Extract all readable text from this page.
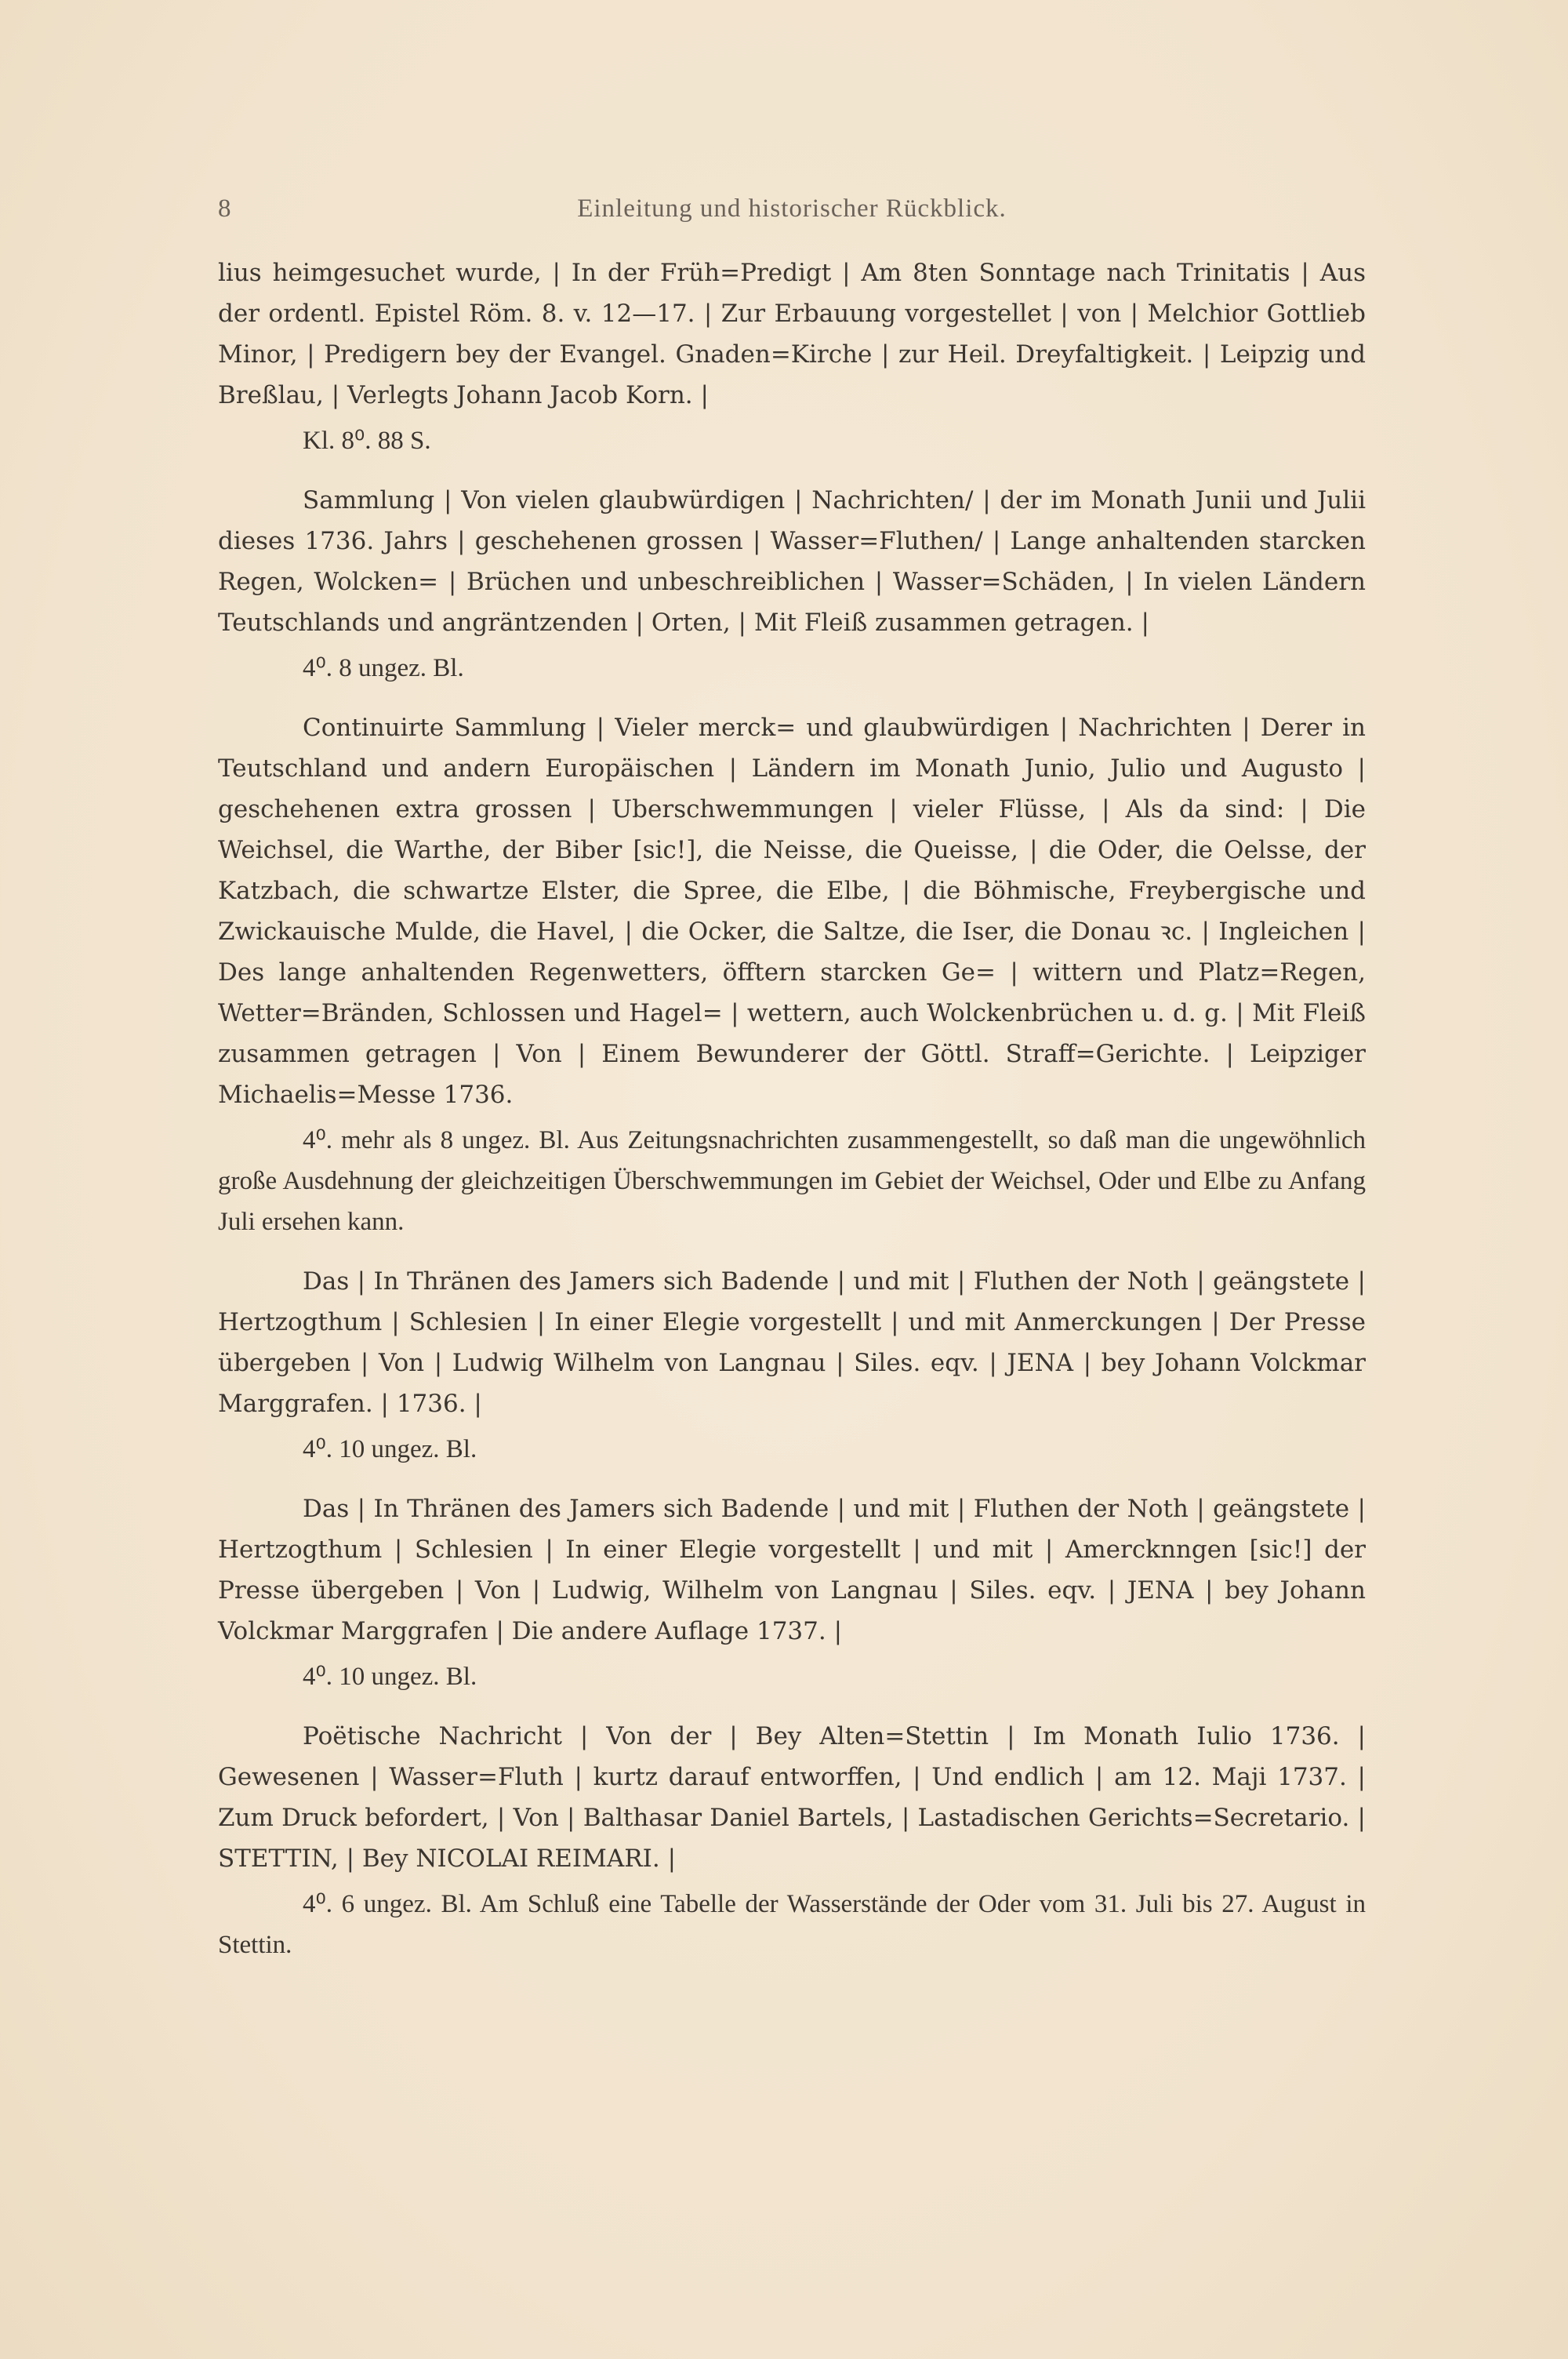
8	Einleitung und historischer Rückblick.

lius heimgesuchet wurde, | In der Früh=Predigt | Am 8ten Sonntage nach Trinitatis | Aus der ordentl. Epistel Röm. 8. v. 12—17. | Zur Erbauung vorgestellet | von | Melchior Gottlieb Minor, | Predigern bey der Evangel. Gnaden=Kirche | zur Heil. Dreyfaltigkeit. | Leipzig und Breßlau, | Verlegts Johann Jacob Korn. |

Kl. 8⁰. 88 S.

Sammlung | Von vielen glaubwürdigen | Nachrichten/ | der im Monath Junii und Julii dieses 1736. Jahrs | geschehenen grossen | Wasser=Fluthen/ | Lange anhaltenden starcken Regen, Wolcken= | Brüchen und unbeschreiblichen | Wasser=Schäden, | In vielen Ländern Teutschlands und angräntzenden | Orten, | Mit Fleiß zusammen getragen. |

4⁰. 8 ungez. Bl.

Continuirte Sammlung | Vieler merck= und glaubwürdigen | Nachrichten | Derer in Teutschland und andern Europäischen | Ländern im Monath Junio, Julio und Augusto | geschehenen extra grossen | Uberschwemmungen | vieler Flüsse, | Als da sind: | Die Weichsel, die Warthe, der Biber [sic!], die Neisse, die Queisse, | die Oder, die Oelsse, der Katzbach, die schwartze Elster, die Spree, die Elbe, | die Böhmische, Freybergische und Zwickauische Mulde, die Havel, | die Ocker, die Saltze, die Iser, die Donau ꝛc. | Ingleichen | Des lange anhaltenden Regenwetters, öfftern starcken Ge= | wittern und Platz=Regen, Wetter=Bränden, Schlossen und Hagel= | wettern, auch Wolckenbrüchen u. d. g. | Mit Fleiß zusammen getragen | Von | Einem Bewunderer der Göttl. Straff=Gerichte. | Leipziger Michaelis=Messe 1736.

4⁰. mehr als 8 ungez. Bl. Aus Zeitungsnachrichten zusammengestellt, so daß man die ungewöhnlich große Ausdehnung der gleichzeitigen Überschwemmungen im Gebiet der Weichsel, Oder und Elbe zu Anfang Juli ersehen kann.

Das | In Thränen des Jamers sich Badende | und mit | Fluthen der Noth | geängstete | Hertzogthum | Schlesien | In einer Elegie vorgestellt | und mit Anmerckungen | Der Presse übergeben | Von | Ludwig Wilhelm von Langnau | Siles. eqv. | JENA | bey Johann Volckmar Marggrafen. | 1736. |

4⁰. 10 ungez. Bl.

Das | In Thränen des Jamers sich Badende | und mit | Fluthen der Noth | geängstete | Hertzogthum | Schlesien | In einer Elegie vorgestellt | und mit | Amercknngen [sic!] der Presse übergeben | Von | Ludwig, Wilhelm von Langnau | Siles. eqv. | JENA | bey Johann Volckmar Marggrafen | Die andere Auflage 1737. |

4⁰. 10 ungez. Bl.

Poëtische Nachricht | Von der | Bey Alten=Stettin | Im Monath Iulio 1736. | Gewesenen | Wasser=Fluth | kurtz darauf entworffen, | Und endlich | am 12. Maji 1737. | Zum Druck befordert, | Von | Balthasar Daniel Bartels, | Lastadischen Gerichts=Secretario. | STETTIN, | Bey NICOLAI REIMARI. |

4⁰. 6 ungez. Bl. Am Schluß eine Tabelle der Wasserstände der Oder vom 31. Juli bis 27. August in Stettin.
